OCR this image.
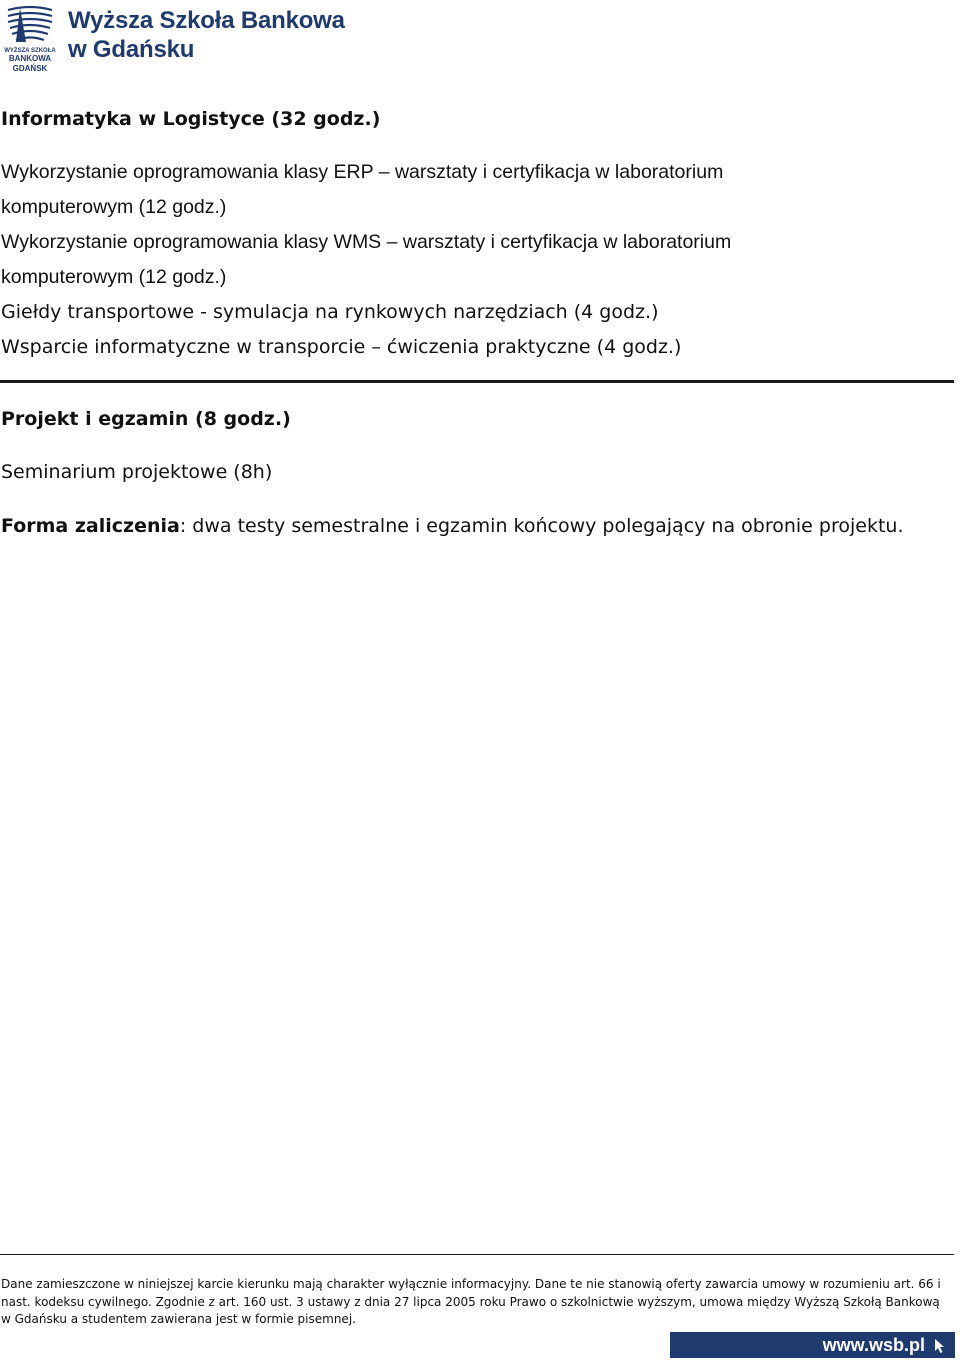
WYŻSZA SZKOŁA
BANKOWA
GDAŃSK
Wyższa Szkoła Bankowa
w Gdańsku
Informatyka w Logistyce (32 godz.)
Wykorzystanie oprogramowania klasy ERP – warsztaty i certyfikacja w laboratorium
komputerowym (12 godz.)
Wykorzystanie oprogramowania klasy WMS – warsztaty i certyfikacja w laboratorium
komputerowym (12 godz.)
Giełdy transportowe - symulacja na rynkowych narzędziach (4 godz.)
Wsparcie informatyczne w transporcie – ćwiczenia praktyczne (4 godz.)
Projekt i egzamin (8 godz.)
Seminarium projektowe (8h)
Forma zaliczenia: dwa testy semestralne i egzamin końcowy polegający na obronie projektu.
Dane zamieszczone w niniejszej karcie kierunku mają charakter wyłącznie informacyjny. Dane te nie stanowią oferty zawarcia umowy w rozumieniu art. 66 i nast. kodeksu cywilnego. Zgodnie z art. 160 ust. 3 ustawy z dnia 27 lipca 2005 roku Prawo o szkolnictwie wyższym, umowa między Wyższą Szkołą Bankową w Gdańsku a studentem zawierana jest w formie pisemnej.
www.wsb.pl
